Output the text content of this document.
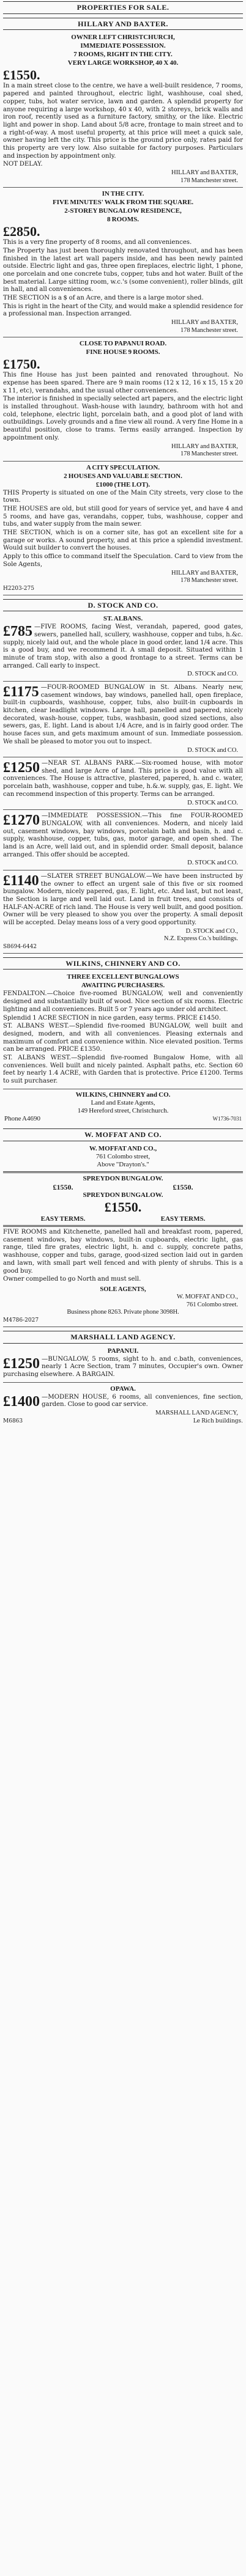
PROPERTIES FOR SALE.
HILLARY AND BAXTER.
OWNER LEFT CHRISTCHURCH,
IMMEDIATE POSSESSION.
7 ROOMS, RIGHT IN THE CITY.
VERY LARGE WORKSHOP, 40 X 40.
£1550.

In a main street close to the centre, we have a well-built residence, 7 rooms, papered and painted throughout, electric light, washhouse, coal shed, copper, tubs, hot water service, lawn and garden. A splendid property for anyone requiring a large workshop, 40 x 40, with 2 storeys, brick walls and iron roof, recently used as a furniture factory, smithy, or the like. Electric light and power in shop. Land about 5/8 acre, frontage to main street and to a right-of-way. A most useful property, at this price will meet a quick sale, owner having left the city. This price is the ground price only, rates paid for this property are very low. Also suitable for factory purposes. Particulars and inspection by appointment only.

NOT DELAY.

HILLARY and BAXTER,
178 Manchester street.
IN THE CITY.
FIVE MINUTES' WALK FROM THE SQUARE.
2-STOREY BUNGALOW RESIDENCE,
8 ROOMS.
£2850.

This is a very fine property of 8 rooms, and all conveniences.

The Property has just been thoroughly renovated throughout, and has been finished in the latest art wall papers inside, and has been newly painted outside. Electric light and gas, three open fireplaces, electric light, 1 phone, one porcelain and one concrete tubs, copper, tubs and hot water. Built of the best material. Large sitting room, w.c.'s (some convenient), roller blinds, gilt in hall, and all conveniences.

THE SECTION is a $ of an Acre, and there is a large motor shed.

This is right in the heart of the City, and would make a splendid residence for a professional man. Inspection arranged.

HILLARY and BAXTER,
178 Manchester street.
CLOSE TO PAPANUI ROAD.
FINE HOUSE 9 ROOMS.
£1750.

This fine House has just been painted and renovated throughout. No expense has been spared. There are 9 main rooms (12 x 12, 16 x 15, 15 x 20 x 11, etc), verandahs, and the usual other conveniences.

The interior is finished in specially selected art papers, and the electric light is installed throughout. Wash-house with laundry, bathroom with hot and cold, telephone, electric light, porcelain bath, and a good plot of land with outbuildings. Lovely grounds and a fine view all round. A very fine Home in a beautiful position, close to trams. Terms easily arranged. Inspection by appointment only.

HILLARY and BAXTER,
178 Manchester street.
A CITY SPECULATION.
2 HOUSES AND VALUABLE SECTION.
£1000 (THE LOT).

THIS Property is situated on one of the Main City streets, very close to the town.

THE HOUSES are old, but still good for years of service yet, and have 4 and 5 rooms, and have gas, verandahs, copper, tubs, washhouse, copper and tubs, and water supply from the main sewer.

THE SECTION, which is on a corner site, has got an excellent site for a garage or works. A sound property, and at this price a splendid investment. Would suit builder to convert the houses.

Apply to this office to command itself the Speculation. Card to view from the Sole Agents,

HILLARY and BAXTER,
178 Manchester street.
H2203-275
D. STOCK AND CO.
ST. ALBANS.

£785 —FIVE ROOMS, facing West, verandah, papered, good gates, sewers, panelled hall, scullery, washhouse, copper and tubs, h.&c. supply, nicely laid out, and the whole place in good order, land 1/4 acre. This is a good buy, and we recommend it. A small deposit. Situated within 1 minute of tram stop, with also a good frontage to a street. Terms can be arranged. Call early to inspect.

D. STOCK and CO.

£1175 —FOUR-ROOMED BUNGALOW in St. Albans. Nearly new, casement windows, bay windows, panelled hall, open fireplace, built-in cupboards, washhouse, copper, tubs, also built-in cupboards in kitchen, clear leadlight windows. Large hall, panelled and papered, nicely decorated, wash-house, copper, tubs, washbasin, good sized sections, also sewers, gas, E. light. Land is about 1/4 Acre, and is in fairly good order. The house faces sun, and gets maximum amount of sun. Immediate possession. We shall be pleased to motor you out to inspect.

D. STOCK and CO.

£1250 —NEAR ST. ALBANS PARK.—Six-roomed house, with motor shed, and large Acre of land. This price is good value with all conveniences. The House is attractive, plastered, papered, h. and c. water, porcelain bath, washhouse, copper and tube, h.&.w. supply, gas, E. light. We can recommend inspection of this property. Terms can be arranged.

D. STOCK and CO.

£1270 —IMMEDIATE POSSESSION.—This fine FOUR-ROOMED BUNGALOW, with all conveniences. Modern, and nicely laid out, casement windows, bay windows, porcelain bath and basin, h. and c. supply, washhouse, copper, tubs, gas, motor garage, and open shed. The land is an Acre, well laid out, and in splendid order. Small deposit, balance arranged. This offer should be accepted.

D. STOCK and CO.

£1140 —SLATER STREET BUNGALOW.—We have been instructed by the owner to effect an urgent sale of this five or six roomed bungalow. Modern, nicely papered, gas, E. light, etc. And last, but not least, the Section is large and well laid out. Land in fruit trees, and consists of HALF-AN-ACRE of rich land. The House is very well built, and good position. Owner will be very pleased to show you over the property. A small deposit will be accepted. Delay means loss of a very good opportunity.

D. STOCK and CO.,
N.Z. Express Co.'s buildings.
S8694-6442
WILKINS, CHINNERY AND CO.
THREE EXCELLENT BUNGALOWS
AWAITING PURCHASERS.

FENDALTON.—Choice five-roomed BUNGALOW, well and conveniently designed and substantially built of wood. Nice section of six rooms. Electric lighting and all conveniences. Built 5 or 7 years ago under old architect.

Splendid 1 ACRE SECTION in nice garden, easy terms. PRICE £1450.

ST. ALBANS WEST.—Splendid five-roomed BUNGALOW, well built and designed, modern, and with all conveniences. Pleasing externals and maximum of comfort and convenience within. Nice elevated position. Terms can be arranged. PRICE £1350.

ST. ALBANS WEST.—Splendid five-roomed Bungalow Home, with all conveniences. Well built and nicely painted. Asphalt paths, etc. Section 60 feet by nearly 1.4 ACRE, with Garden that is protective. Price £1200. Terms to suit purchaser.

WILKINS, CHINNERY and CO.
Land and Estate Agents,
149 Hereford street, Christchurch.
Phone A4690	W1736-7031
W. MOFFAT AND CO.
W. MOFFAT AND CO.,
761 Colombo street,
Above "Drayton's."
SPREYDON BUNGALOW.
£1550.	£1550.
SPREYDON BUNGALOW.
£1550.
EASY TERMS.	EASY TERMS.

FIVE ROOMS and Kitchenette, panelled hall and breakfast room, papered, casement windows, bay windows, built-in cupboards, electric light, gas range, tiled fire grates, electric light, h. and c. supply, concrete paths, washhouse, copper and tubs, garage, good-sized section laid out in garden and lawn, with small part well fenced and with plenty of shrubs. This is a good buy.

Owner compelled to go North and must sell.

SOLE AGENTS,
W. MOFFAT AND CO.,
761 Colombo street.
Business phone 8263. Private phone 3098H.
M4786-2027
MARSHALL LAND AGENCY.
PAPANUI.

£1250 —BUNGALOW, 5 rooms, sight to h. and c.bath, conveniences, nearly 1 Acre Section, tram 7 minutes, Occupier's own. Owner purchasing elsewhere. A BARGAIN.

OPAWA.

£1400 —MODERN HOUSE, 6 rooms, all conveniences, fine section, garden. Close to good car service.

MARSHALL LAND AGENCY,
M6863	Le Rich buildings.
